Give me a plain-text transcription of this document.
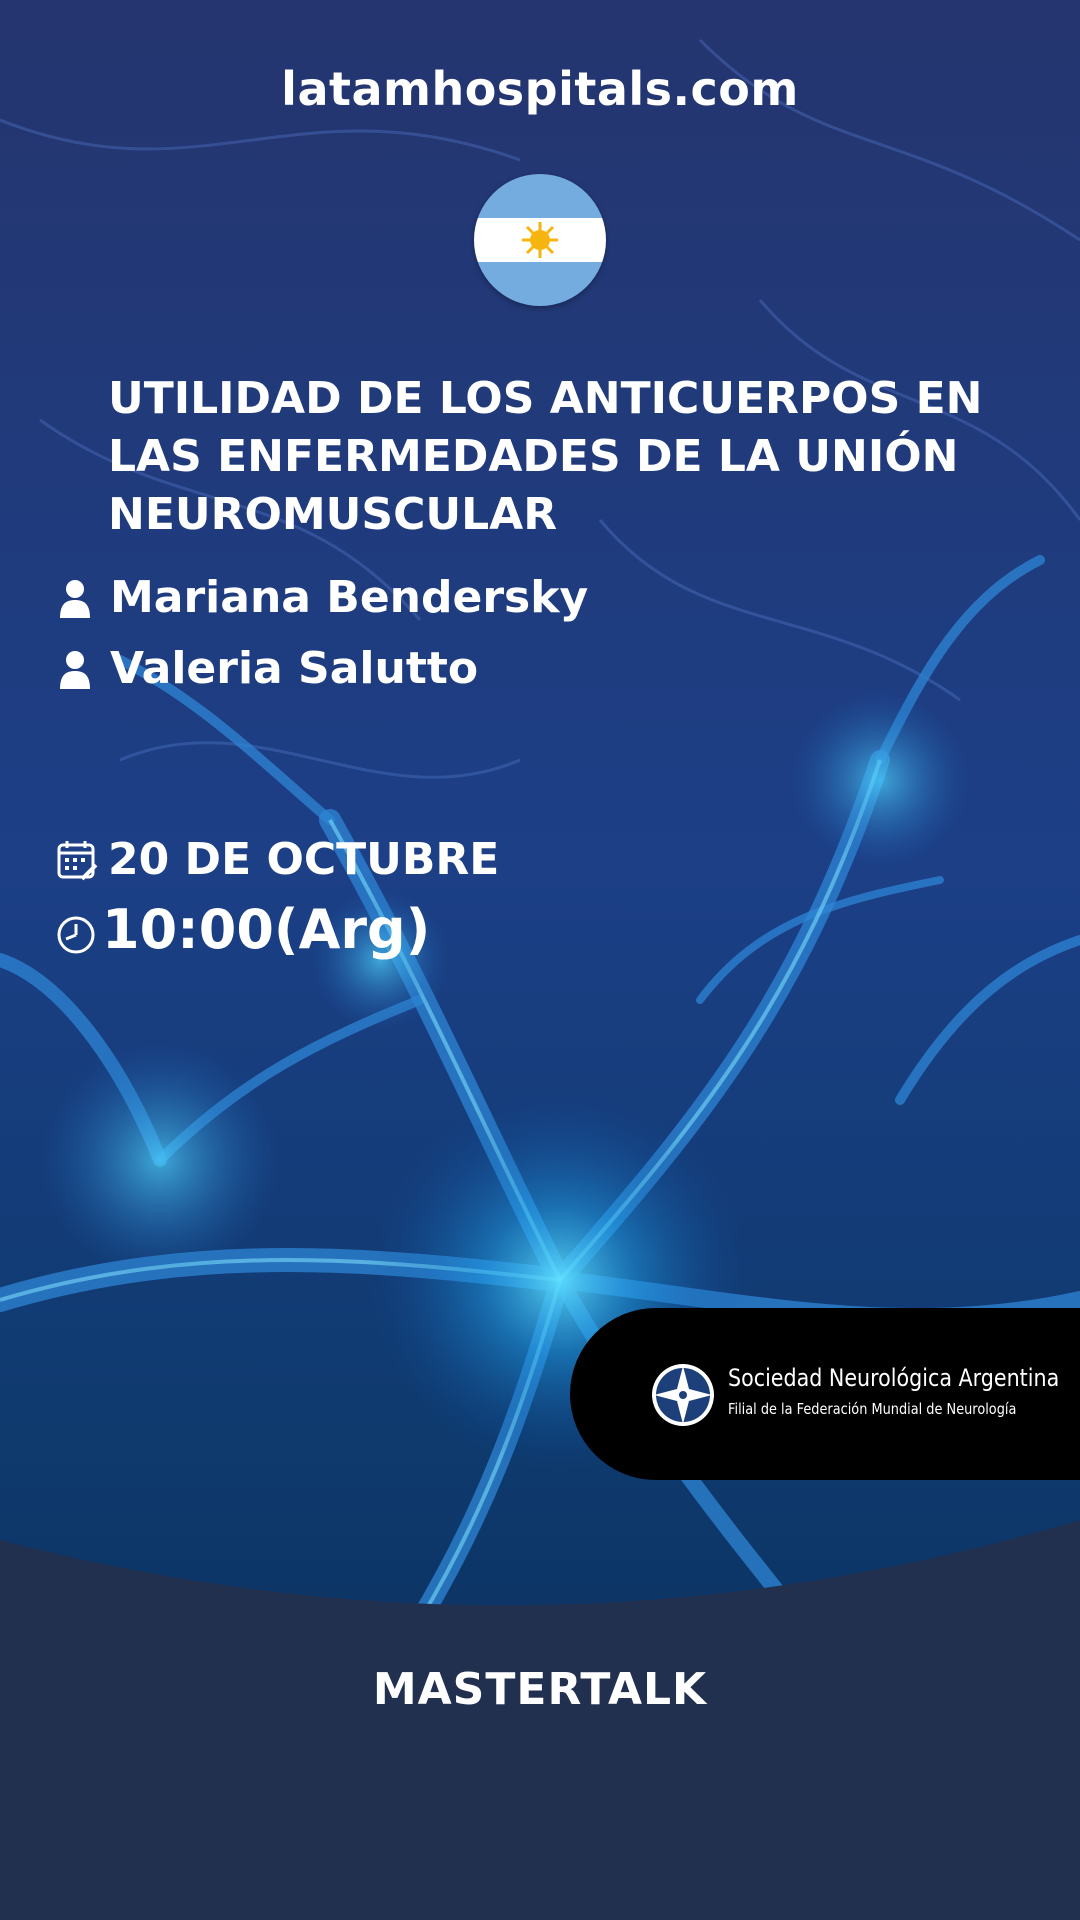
latamhospitals.com
UTILIDAD DE LOS ANTICUERPOS EN LAS ENFERMEDADES DE LA UNIÓN NEUROMUSCULAR
Mariana Bendersky
Valeria Salutto
20 DE OCTUBRE
10:00(Arg)
Sociedad Neurológica Argentina
Filial de la Federación Mundial de Neurología
MASTERTALK
